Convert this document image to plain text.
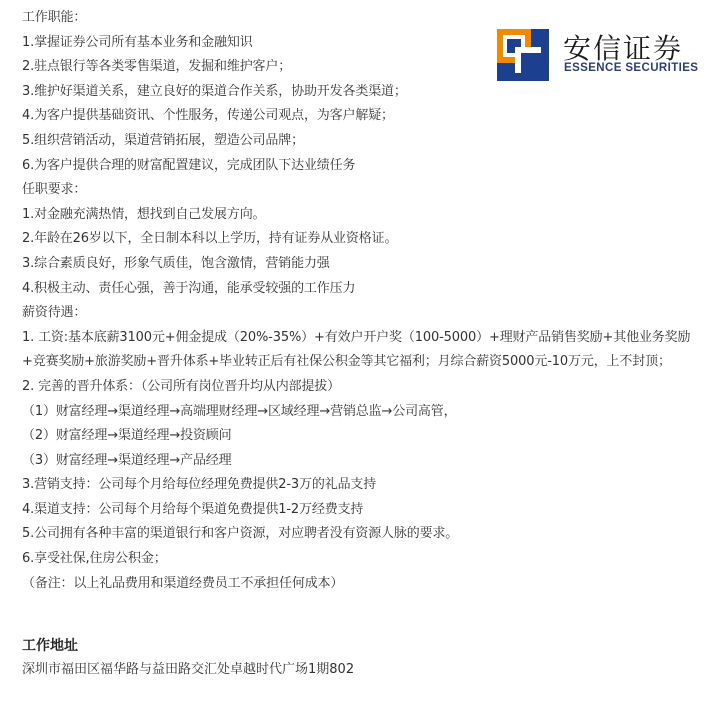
安信证券
ESSENCE SECURITIES
工作职能：
1.掌握证券公司所有基本业务和金融知识
2.驻点银行等各类零售渠道，发掘和维护客户；
3.维护好渠道关系，建立良好的渠道合作关系，协助开发各类渠道；
4.为客户提供基础资讯、个性服务，传递公司观点，为客户解疑；
5.组织营销活动，渠道营销拓展，塑造公司品牌；
6.为客户提供合理的财富配置建议，完成团队下达业绩任务
任职要求：
1.对金融充满热情，想找到自己发展方向。
2.年龄在26岁以下，全日制本科以上学历，持有证券从业资格证。
3.综合素质良好，形象气质佳，饱含激情，营销能力强
4.积极主动、责任心强，善于沟通，能承受较强的工作压力
薪资待遇：
1. 工资:基本底薪3100元+佣金提成（20%-35%）+有效户开户奖（100-5000）+理财产品销售奖励+其他业务奖励
+竞赛奖励+旅游奖励+晋升体系+毕业转正后有社保公积金等其它福利；月综合薪资5000元-10万元，上不封顶；
2. 完善的晋升体系：（公司所有岗位晋升均从内部提拔）
（1）财富经理→渠道经理→高端理财经理→区域经理→营销总监→公司高管，
（2）财富经理→渠道经理→投资顾问
（3）财富经理→渠道经理→产品经理
3.营销支持：公司每个月给每位经理免费提供2-3万的礼品支持
4.渠道支持：公司每个月给每个渠道免费提供1-2万经费支持
5.公司拥有各种丰富的渠道银行和客户资源，对应聘者没有资源人脉的要求。
6.享受社保,住房公积金；
（备注：以上礼品费用和渠道经费员工不承担任何成本）
工作地址
深圳市福田区福华路与益田路交汇处卓越时代广场1期802
